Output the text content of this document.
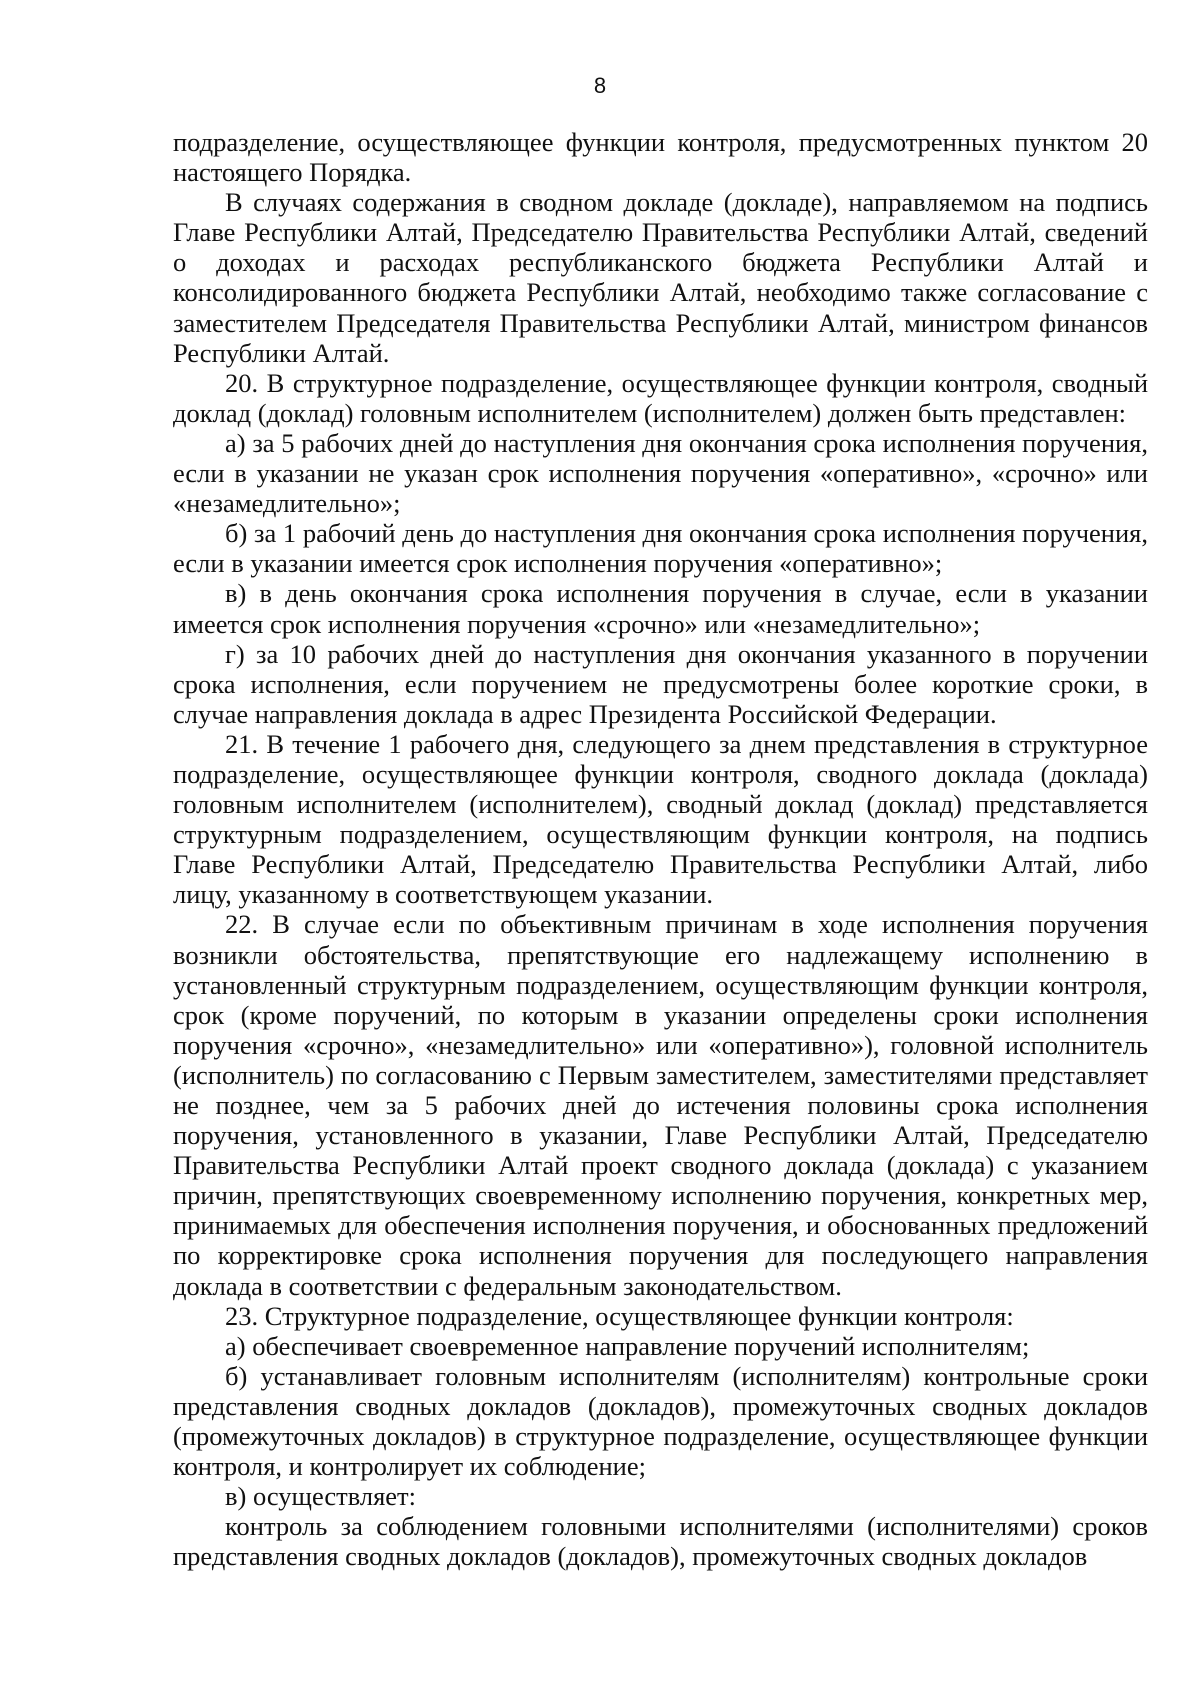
8

подразделение, осуществляющее функции контроля, предусмотренных пунктом 20 настоящего Порядка.

В случаях содержания в сводном докладе (докладе), направляемом на подпись Главе Республики Алтай, Председателю Правительства Республики Алтай, сведений о доходах и расходах республиканского бюджета Республики Алтай и консолидированного бюджета Республики Алтай, необходимо также согласование с заместителем Председателя Правительства Республики Алтай, министром финансов Республики Алтай.

20. В структурное подразделение, осуществляющее функции контроля, сводный доклад (доклад) головным исполнителем (исполнителем) должен быть представлен:

а) за 5 рабочих дней до наступления дня окончания срока исполнения поручения, если в указании не указан срок исполнения поручения «оперативно», «срочно» или «незамедлительно»;

б) за 1 рабочий день до наступления дня окончания срока исполнения поручения, если в указании имеется срок исполнения поручения «оперативно»;

в) в день окончания срока исполнения поручения в случае, если в указании имеется срок исполнения поручения «срочно» или «незамедлительно»;

г) за 10 рабочих дней до наступления дня окончания указанного в поручении срока исполнения, если поручением не предусмотрены более короткие сроки, в случае направления доклада в адрес Президента Российской Федерации.

21. В течение 1 рабочего дня, следующего за днем представления в структурное подразделение, осуществляющее функции контроля, сводного доклада (доклада) головным исполнителем (исполнителем), сводный доклад (доклад) представляется структурным подразделением, осуществляющим функции контроля, на подпись Главе Республики Алтай, Председателю Правительства Республики Алтай, либо лицу, указанному в соответствующем указании.

22. В случае если по объективным причинам в ходе исполнения поручения возникли обстоятельства, препятствующие его надлежащему исполнению в установленный структурным подразделением, осуществляющим функции контроля, срок (кроме поручений, по которым в указании определены сроки исполнения поручения «срочно», «незамедлительно» или «оперативно»), головной исполнитель (исполнитель) по согласованию с Первым заместителем, заместителями представляет не позднее, чем за 5 рабочих дней до истечения половины срока исполнения поручения, установленного в указании, Главе Республики Алтай, Председателю Правительства Республики Алтай проект сводного доклада (доклада) с указанием причин, препятствующих своевременному исполнению поручения, конкретных мер, принимаемых для обеспечения исполнения поручения, и обоснованных предложений по корректировке срока исполнения поручения для последующего направления доклада в соответствии с федеральным законодательством.

23. Структурное подразделение, осуществляющее функции контроля:

а) обеспечивает своевременное направление поручений исполнителям;

б) устанавливает головным исполнителям (исполнителям) контрольные сроки представления сводных докладов (докладов), промежуточных сводных докладов (промежуточных докладов) в структурное подразделение, осуществляющее функции контроля, и контролирует их соблюдение;

в) осуществляет:

контроль за соблюдением головными исполнителями (исполнителями) сроков представления сводных докладов (докладов), промежуточных сводных докладов
